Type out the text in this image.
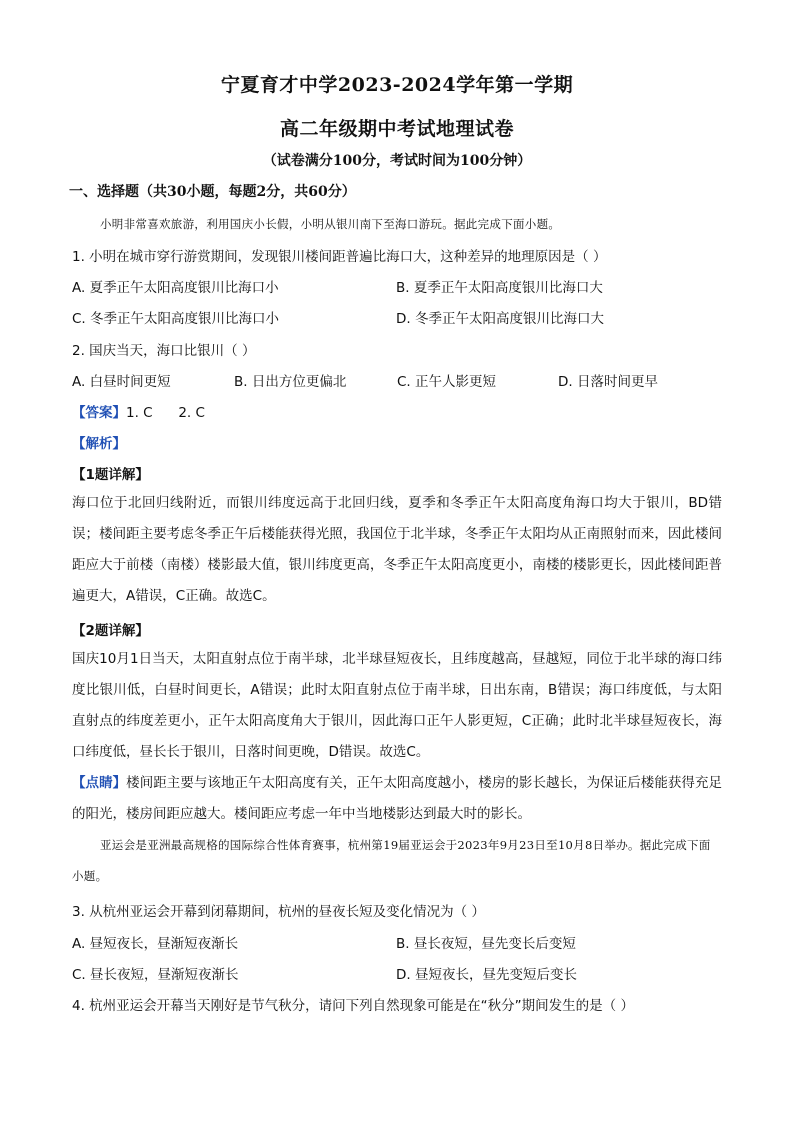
宁夏育才中学2023-2024学年第一学期
高二年级期中考试地理试卷
（试卷满分100分，考试时间为100分钟）
一、选择题（共30小题，每题2分，共60分）
小明非常喜欢旅游，利用国庆小长假，小明从银川南下至海口游玩。据此完成下面小题。
1. 小明在城市穿行游赏期间，发现银川楼间距普遍比海口大，这种差异的地理原因是（ ）
A. 夏季正午太阳高度银川比海口小	B. 夏季正午太阳高度银川比海口大
C. 冬季正午太阳高度银川比海口小	D. 冬季正午太阳高度银川比海口大
2. 国庆当天，海口比银川（ ）
A. 白昼时间更短	B. 日出方位更偏北	C. 正午人影更短	D. 日落时间更早
【答案】1. C      2. C
【解析】
【1题详解】
海口位于北回归线附近，而银川纬度远高于北回归线，夏季和冬季正午太阳高度角海口均大于银川，BD错误；楼间距主要考虑冬季正午后楼能获得光照，我国位于北半球，冬季正午太阳均从正南照射而来，因此楼间距应大于前楼（南楼）楼影最大值，银川纬度更高，冬季正午太阳高度更小，南楼的楼影更长，因此楼间距普遍更大，A错误，C正确。故选C。
【2题详解】
国庆10月1日当天，太阳直射点位于南半球，北半球昼短夜长，且纬度越高，昼越短，同位于北半球的海口纬度比银川低，白昼时间更长，A错误；此时太阳直射点位于南半球，日出东南，B错误；海口纬度低，与太阳直射点的纬度差更小，正午太阳高度角大于银川，因此海口正午人影更短，C正确；此时北半球昼短夜长，海口纬度低，昼长长于银川，日落时间更晚，D错误。故选C。
【点睛】楼间距主要与该地正午太阳高度有关，正午太阳高度越小，楼房的影长越长，为保证后楼能获得充足的阳光，楼房间距应越大。楼间距应考虑一年中当地楼影达到最大时的影长。
亚运会是亚洲最高规格的国际综合性体育赛事，杭州第19届亚运会于2023年9月23日至10月8日举办。据此完成下面小题。
3. 从杭州亚运会开幕到闭幕期间，杭州的昼夜长短及变化情况为（ ）
A. 昼短夜长，昼渐短夜渐长	B. 昼长夜短，昼先变长后变短
C. 昼长夜短，昼渐短夜渐长	D. 昼短夜长，昼先变短后变长
4. 杭州亚运会开幕当天刚好是节气秋分，请问下列自然现象可能是在“秋分”期间发生的是（ ）
